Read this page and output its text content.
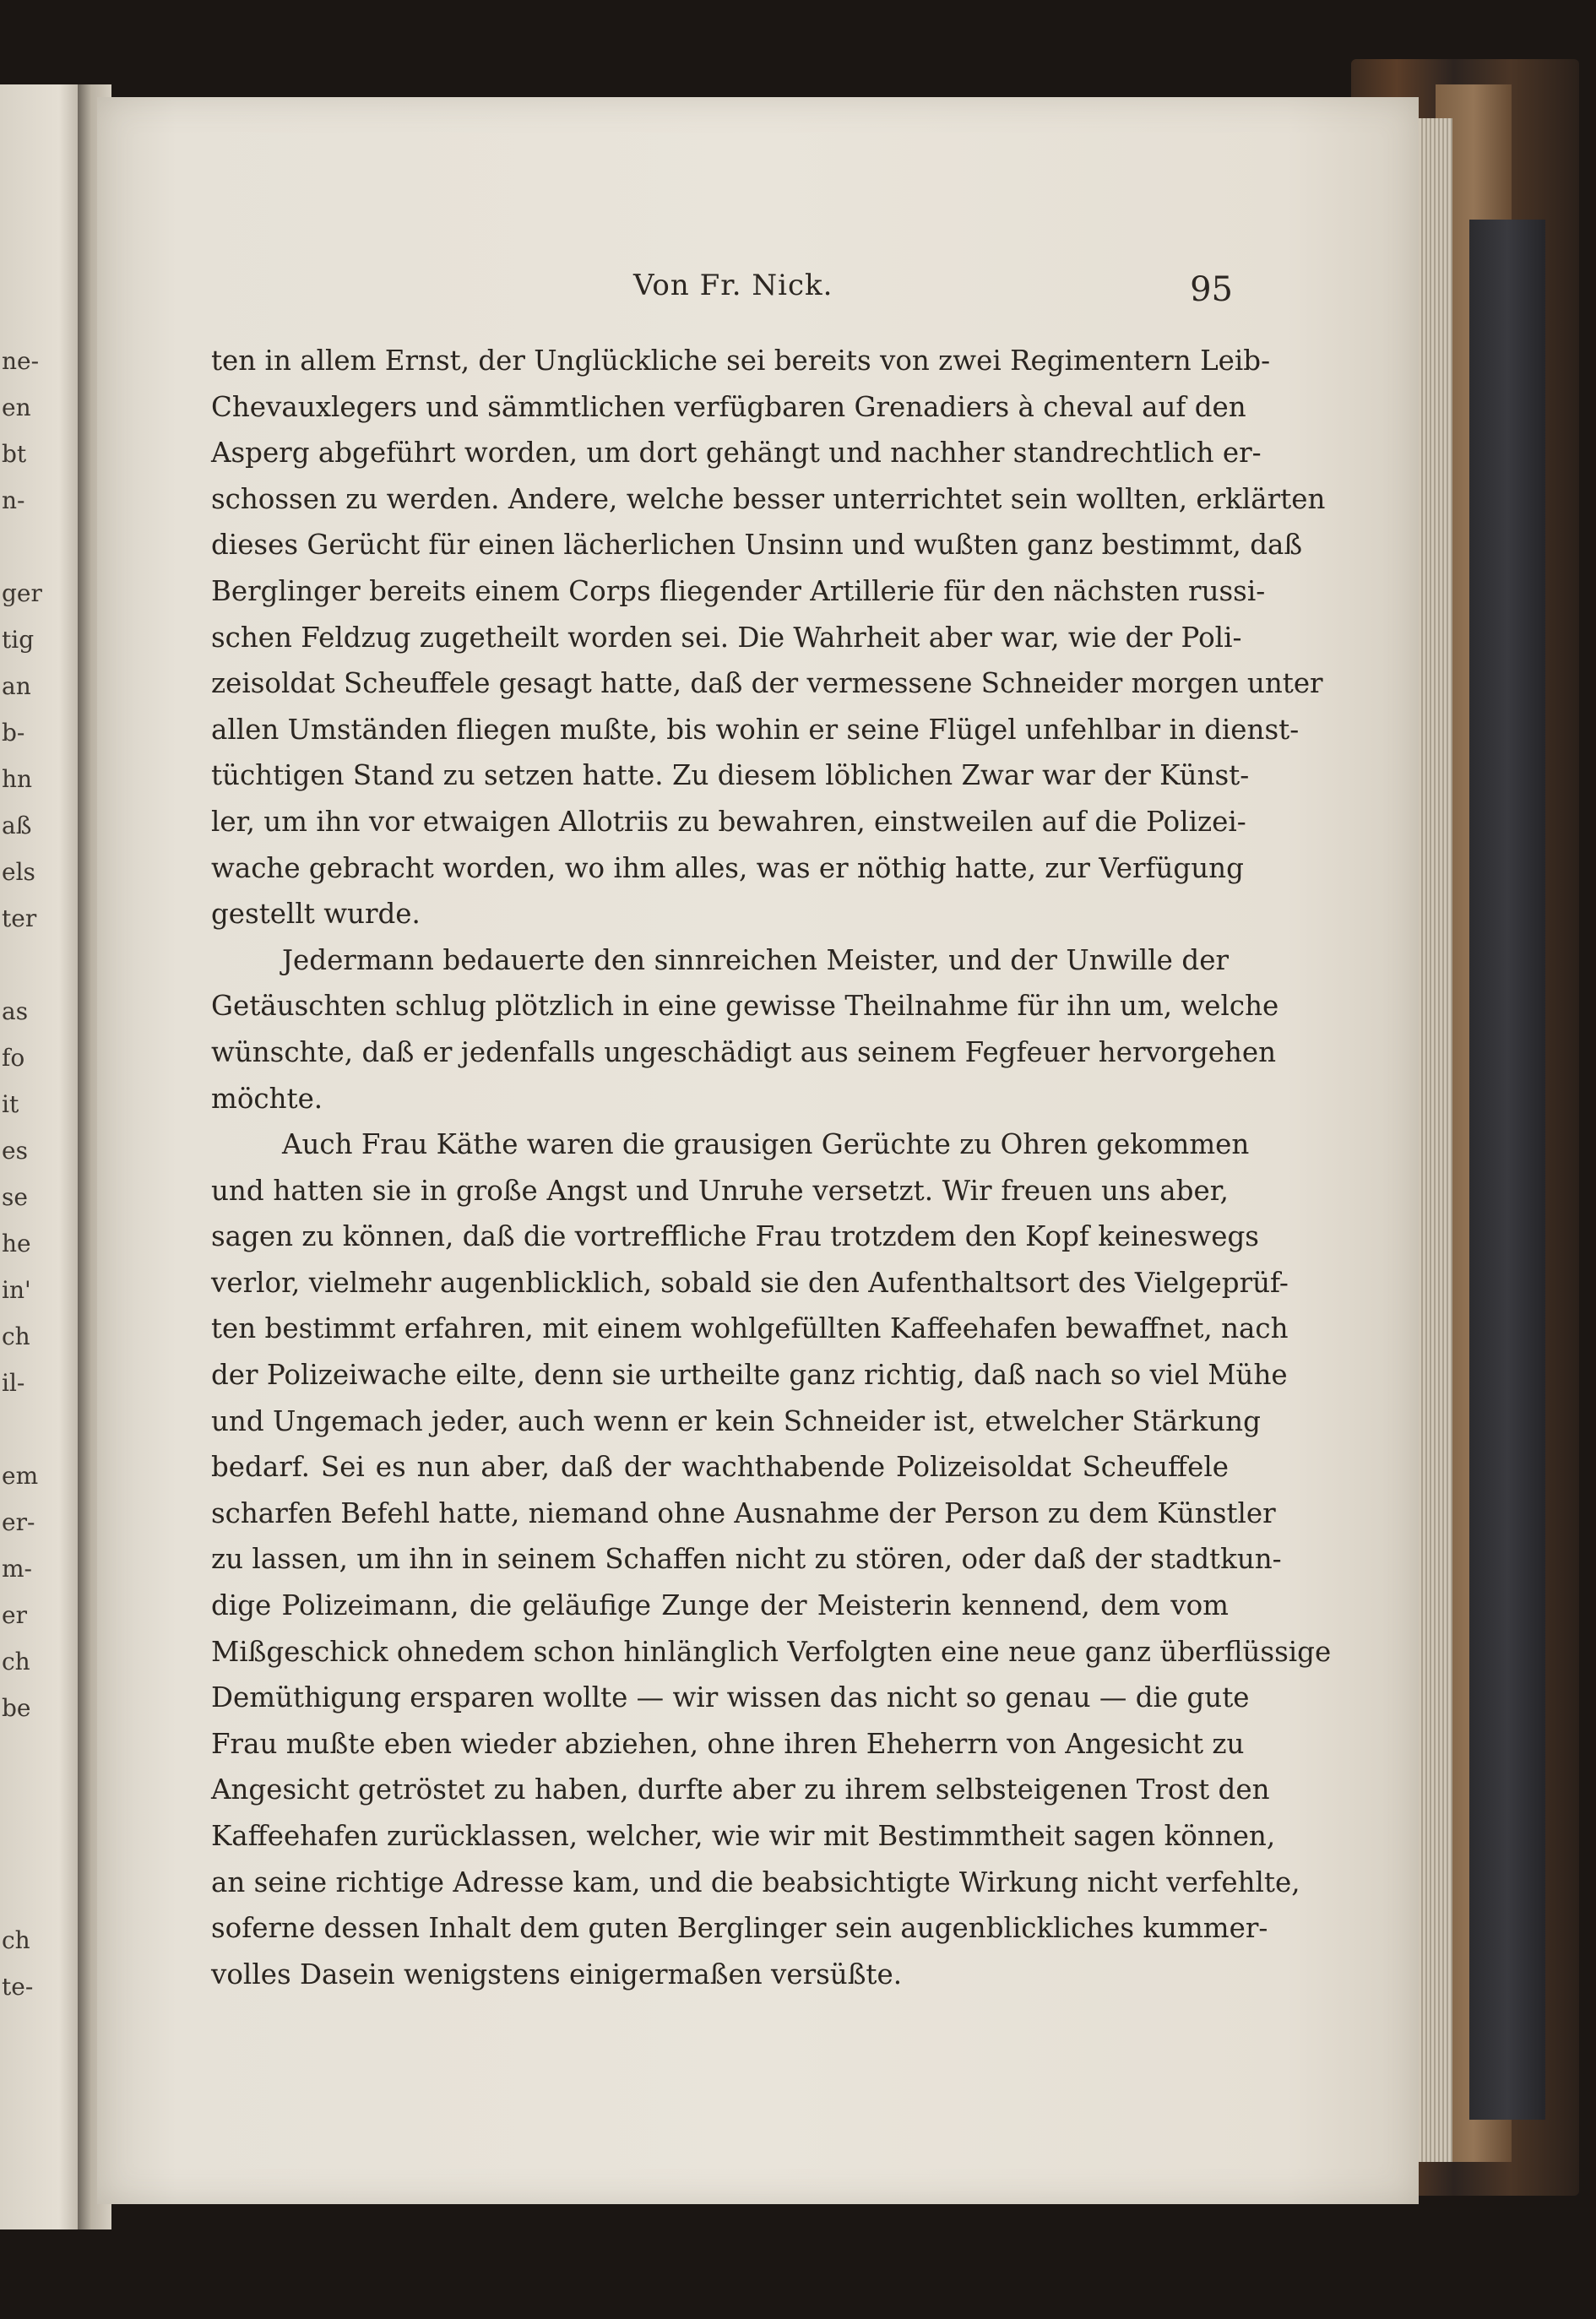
ne-
en
bt
n-
ger
tig
an
b-
hn
aß
els
ter
as
fo
it
es
se
he
in'
ch
il-
em
er-
m-
er
ch
be
ch
te-
Von Fr. Nick.	95
ten in allem Ernst, der Unglückliche sei bereits von zwei Regimentern Leib-
Chevauxlegers und sämmtlichen verfügbaren Grenadiers à cheval auf den
Asperg abgeführt worden, um dort gehängt und nachher standrechtlich er-
schossen zu werden. Andere, welche besser unterrichtet sein wollten, erklärten
dieses Gerücht für einen lächerlichen Unsinn und wußten ganz bestimmt, daß
Berglinger bereits einem Corps fliegender Artillerie für den nächsten russi-
schen Feldzug zugetheilt worden sei. Die Wahrheit aber war, wie der Poli-
zeisoldat Scheuffele gesagt hatte, daß der vermessene Schneider morgen unter
allen Umständen fliegen mußte, bis wohin er seine Flügel unfehlbar in dienst-
tüchtigen Stand zu setzen hatte. Zu diesem löblichen Zwar war der Künst-
ler, um ihn vor etwaigen Allotriis zu bewahren, einstweilen auf die Polizei-
wache gebracht worden, wo ihm alles, was er nöthig hatte, zur Verfügung
gestellt wurde.
Jedermann bedauerte den sinnreichen Meister, und der Unwille der
Getäuschten schlug plötzlich in eine gewisse Theilnahme für ihn um, welche
wünschte, daß er jedenfalls ungeschädigt aus seinem Fegfeuer hervorgehen
möchte.
Auch Frau Käthe waren die grausigen Gerüchte zu Ohren gekommen
und hatten sie in große Angst und Unruhe versetzt. Wir freuen uns aber,
sagen zu können, daß die vortreffliche Frau trotzdem den Kopf keineswegs
verlor, vielmehr augenblicklich, sobald sie den Aufenthaltsort des Vielgeprüf-
ten bestimmt erfahren, mit einem wohlgefüllten Kaffeehafen bewaffnet, nach
der Polizeiwache eilte, denn sie urtheilte ganz richtig, daß nach so viel Mühe
und Ungemach jeder, auch wenn er kein Schneider ist, etwelcher Stärkung
bedarf. Sei es nun aber, daß der wachthabende Polizeisoldat Scheuffele
scharfen Befehl hatte, niemand ohne Ausnahme der Person zu dem Künstler
zu lassen, um ihn in seinem Schaffen nicht zu stören, oder daß der stadtkun-
dige Polizeimann, die geläufige Zunge der Meisterin kennend, dem vom
Mißgeschick ohnedem schon hinlänglich Verfolgten eine neue ganz überflüssige
Demüthigung ersparen wollte — wir wissen das nicht so genau — die gute
Frau mußte eben wieder abziehen, ohne ihren Eheherrn von Angesicht zu
Angesicht getröstet zu haben, durfte aber zu ihrem selbsteigenen Trost den
Kaffeehafen zurücklassen, welcher, wie wir mit Bestimmtheit sagen können,
an seine richtige Adresse kam, und die beabsichtigte Wirkung nicht verfehlte,
soferne dessen Inhalt dem guten Berglinger sein augenblickliches kummer-
volles Dasein wenigstens einigermaßen versüßte.
